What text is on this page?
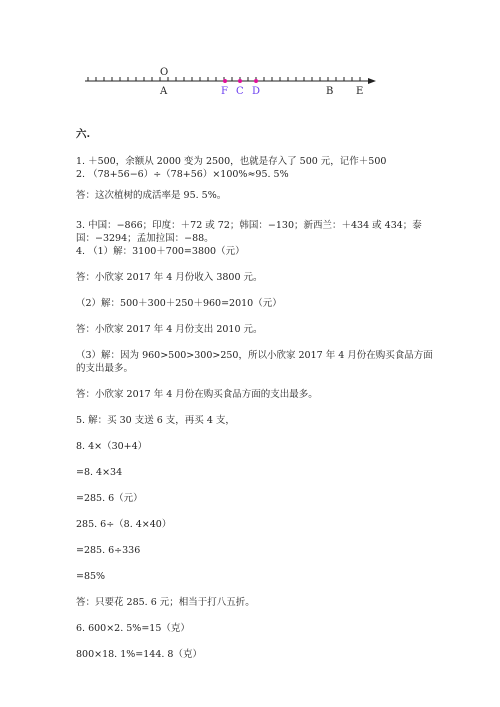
O
A	F C D	B E
六.
1. ＋500，余额从 2000 变为 2500，也就是存入了 500 元，记作＋500
2. （78+56−6）÷（78+56）×100%≈95. 5%
答：这次植树的成活率是 95. 5%。
3. 中国：−866；印度：＋72 或 72；韩国：−130；新西兰：＋434 或 434；泰国：−3294；孟加拉国：−88。
4. （1）解：3100＋700=3800（元）
答：小欣家 2017 年 4 月份收入 3800 元。
（2）解：500＋300＋250＋960=2010（元）
答：小欣家 2017 年 4 月份支出 2010 元。
（3）解：因为 960>500>300>250，所以小欣家 2017 年 4 月份在购买食品方面的支出最多。
答：小欣家 2017 年 4 月份在购买食品方面的支出最多。
5. 解：买 30 支送 6 支，再买 4 支，
8. 4×（30+4）
=8. 4×34
=285. 6（元）
285. 6÷（8. 4×40）
=285. 6÷336
=85%
答：只要花 285. 6 元；相当于打八五折。
6. 600×2. 5%=15（克）
800×18. 1%=144. 8（克）
